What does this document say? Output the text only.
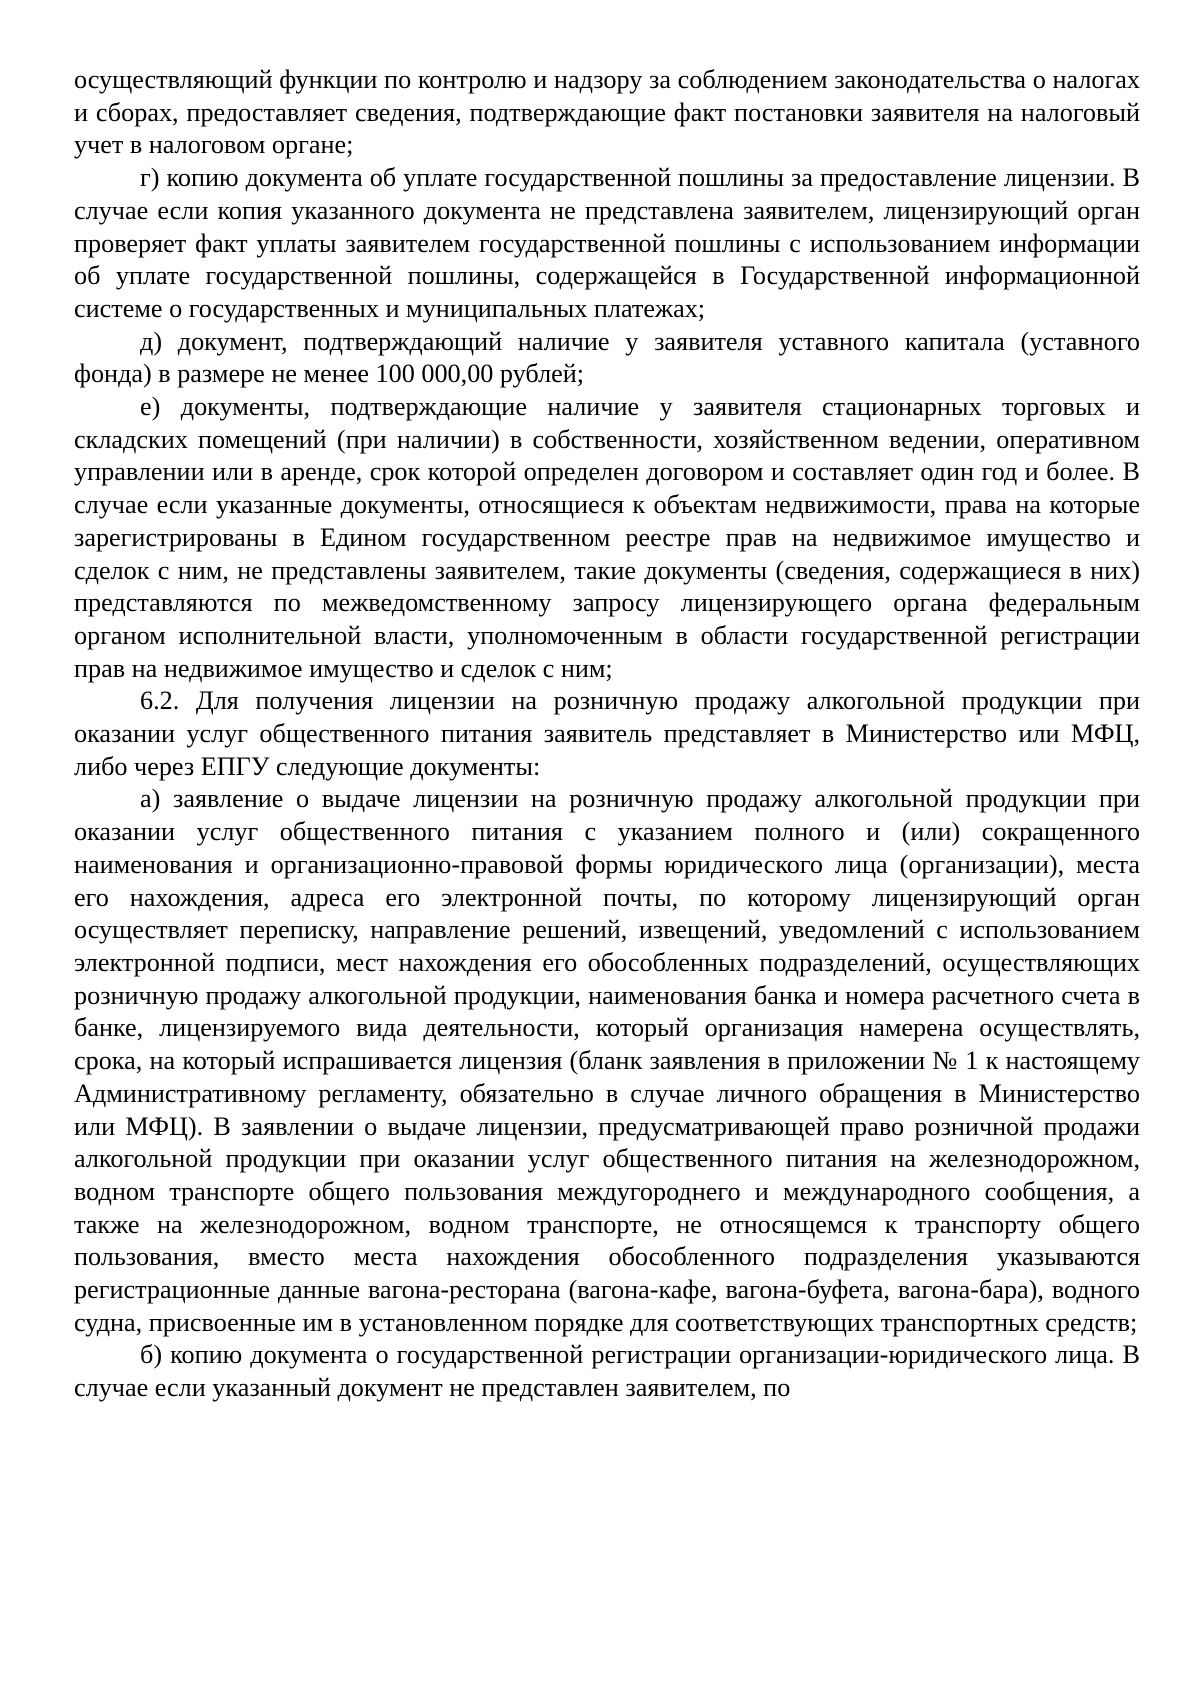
осуществляющий функции по контролю и надзору за соблюдением законодательства о налогах и сборах, предоставляет сведения, подтверждающие факт постановки заявителя на налоговый учет в налоговом органе;

г) копию документа об уплате государственной пошлины за предоставление лицензии. В случае если копия указанного документа не представлена заявителем, лицензирующий орган проверяет факт уплаты заявителем государственной пошлины с использованием информации об уплате государственной пошлины, содержащейся в Государственной информационной системе о государственных и муниципальных платежах;

д) документ, подтверждающий наличие у заявителя уставного капитала (уставного фонда) в размере не менее 100 000,00 рублей;

е) документы, подтверждающие наличие у заявителя стационарных торговых и складских помещений (при наличии) в собственности, хозяйственном ведении, оперативном управлении или в аренде, срок которой определен договором и составляет один год и более. В случае если указанные документы, относящиеся к объектам недвижимости, права на которые зарегистрированы в Едином государственном реестре прав на недвижимое имущество и сделок с ним, не представлены заявителем, такие документы (сведения, содержащиеся в них) представляются по межведомственному запросу лицензирующего органа федеральным органом исполнительной власти, уполномоченным в области государственной регистрации прав на недвижимое имущество и сделок с ним;

6.2. Для получения лицензии на розничную продажу алкогольной продукции при оказании услуг общественного питания заявитель представляет в Министерство или МФЦ, либо через ЕПГУ следующие документы:

а) заявление о выдаче лицензии на розничную продажу алкогольной продукции при оказании услуг общественного питания с указанием полного и (или) сокращенного наименования и организационно-правовой формы юридического лица (организации), места его нахождения, адреса его электронной почты, по которому лицензирующий орган осуществляет переписку, направление решений, извещений, уведомлений с использованием электронной подписи, мест нахождения его обособленных подразделений, осуществляющих розничную продажу алкогольной продукции, наименования банка и номера расчетного счета в банке, лицензируемого вида деятельности, который организация намерена осуществлять, срока, на который испрашивается лицензия (бланк заявления в приложении № 1 к настоящему Административному регламенту, обязательно в случае личного обращения в Министерство или МФЦ). В заявлении о выдаче лицензии, предусматривающей право розничной продажи алкогольной продукции при оказании услуг общественного питания на железнодорожном, водном транспорте общего пользования междугороднего и международного сообщения, а также на железнодорожном, водном транспорте, не относящемся к транспорту общего пользования, вместо места нахождения обособленного подразделения указываются регистрационные данные вагона-ресторана (вагона-кафе, вагона-буфета, вагона-бара), водного судна, присвоенные им в установленном порядке для соответствующих транспортных средств;

б) копию документа о государственной регистрации организации-юридического лица. В случае если указанный документ не представлен заявителем, по
